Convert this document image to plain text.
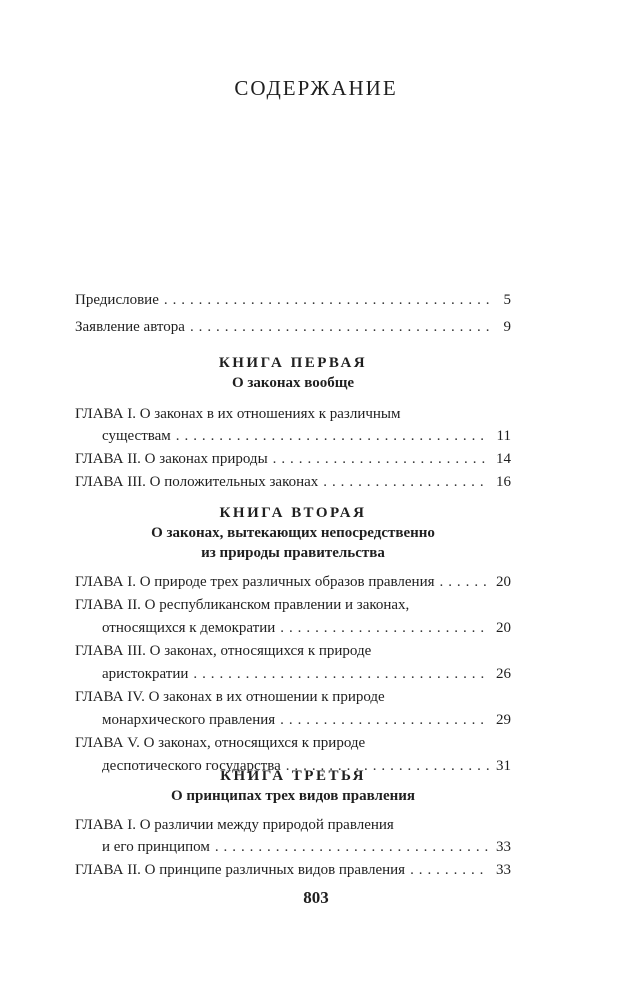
СОДЕРЖАНИЕ
Предисловие . . .	5
Заявление автора . . .	9
КНИГА ПЕРВАЯ
О законах вообще
ГЛАВА I. О законах в их отношениях к различным
существам . . .	11
ГЛАВА II. О законах природы . . .	14
ГЛАВА III. О положительных законах . . .	16
КНИГА ВТОРАЯ
О законах, вытекающих непосредственно
из природы правительства
ГЛАВА I. О природе трех различных образов правления . . .	20
ГЛАВА II. О республиканском правлении и законах,
относящихся к демократии . . .	20
ГЛАВА III. О законах, относящихся к природе
аристократии . . .	26
ГЛАВА IV. О законах в их отношении к природе
монархического правления . . .	29
ГЛАВА V. О законах, относящихся к природе
деспотического государства . . .	31
КНИГА ТРЕТЬЯ
О принципах трех видов правления
ГЛАВА I. О различии между природой правления
и его принципом . . .	33
ГЛАВА II. О принципе различных видов правления . . .	33
803
